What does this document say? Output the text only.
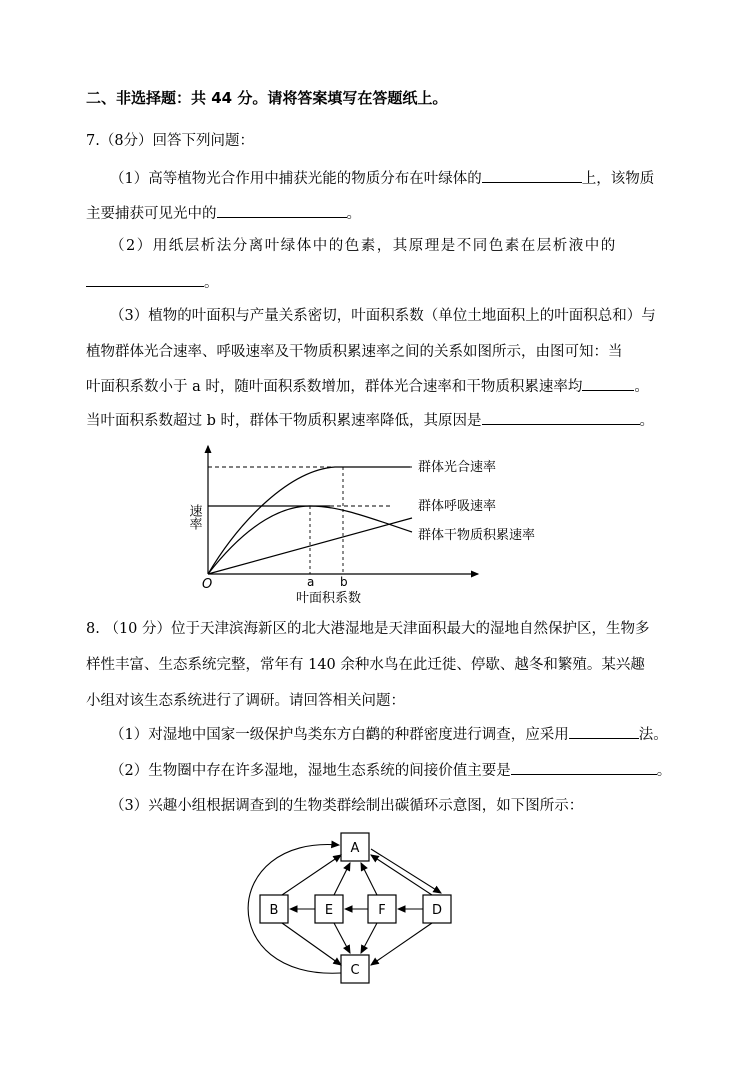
二、非选择题：共 44 分。请将答案填写在答题纸上。
7.（8分）回答下列问题：
（1）高等植物光合作用中捕获光能的物质分布在叶绿体的	上，该物质
主要捕获可见光中的	。
（2）用纸层析法分离叶绿体中的色素，其原理是不同色素在层析液中的
。
（3）植物的叶面积与产量关系密切，叶面积系数（单位土地面积上的叶面积总和）与
植物群体光合速率、呼吸速率及干物质积累速率之间的关系如图所示，由图可知：当
叶面积系数小于 a 时，随叶面积系数增加，群体光合速率和干物质积累速率均	。
当叶面积系数超过 b 时，群体干物质积累速率降低，其原因是	。
群体光合速率
群体呼吸速率
群体干物质积累速率
速率
O	a b
叶面积系数
8. （10 分）位于天津滨海新区的北大港湿地是天津面积最大的湿地自然保护区，生物多
样性丰富、生态系统完整，常年有 140 余种水鸟在此迁徙、停歇、越冬和繁殖。某兴趣
小组对该生态系统进行了调研。请回答相关问题：
（1）对湿地中国家一级保护鸟类东方白鹳的种群密度进行调查，应采用	法。
（2）生物圈中存在许多湿地，湿地生态系统的间接价值主要是	。
（3）兴趣小组根据调查到的生物类群绘制出碳循环示意图，如下图所示：
A
B	E	F	D
C
